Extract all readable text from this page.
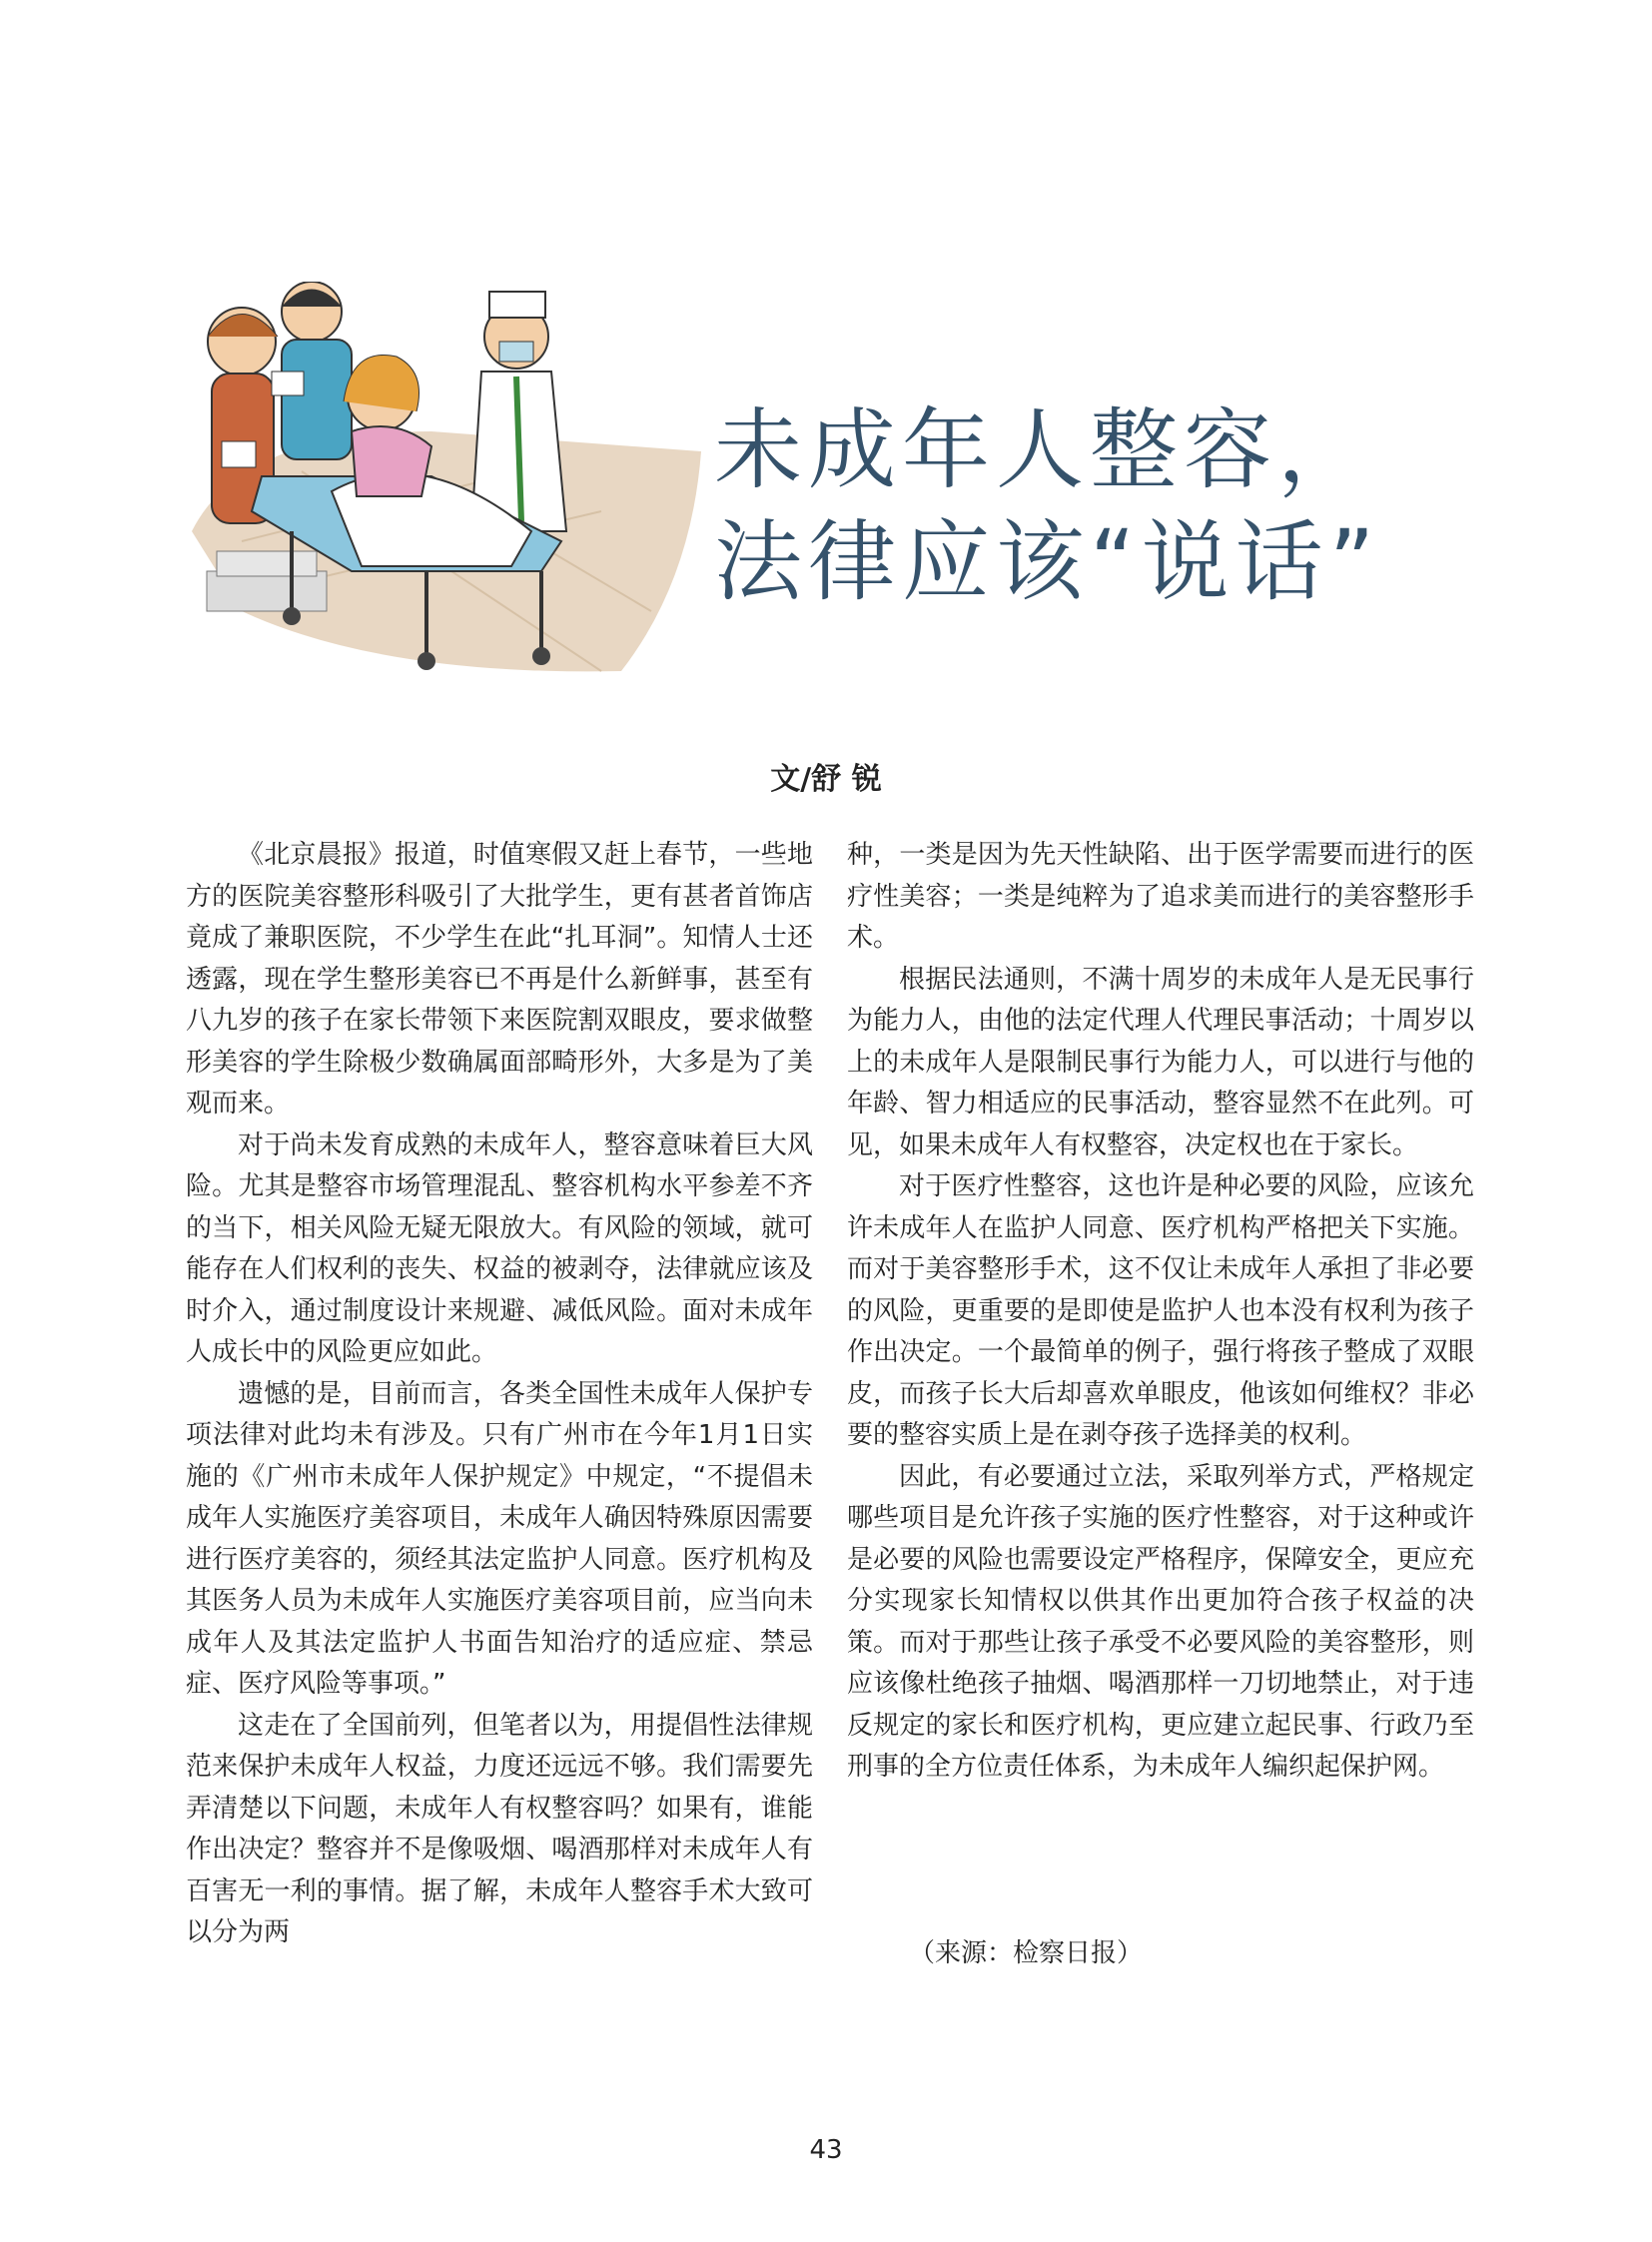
未成年人整容，
法律应该“说话”
文/舒 锐

《北京晨报》报道，时值寒假又赶上春节，一些地方的医院美容整形科吸引了大批学生，更有甚者首饰店竟成了兼职医院，不少学生在此“扎耳洞”。知情人士还透露，现在学生整形美容已不再是什么新鲜事，甚至有八九岁的孩子在家长带领下来医院割双眼皮，要求做整形美容的学生除极少数确属面部畸形外，大多是为了美观而来。

对于尚未发育成熟的未成年人，整容意味着巨大风险。尤其是整容市场管理混乱、整容机构水平参差不齐的当下，相关风险无疑无限放大。有风险的领域，就可能存在人们权利的丧失、权益的被剥夺，法律就应该及时介入，通过制度设计来规避、减低风险。面对未成年人成长中的风险更应如此。

遗憾的是，目前而言，各类全国性未成年人保护专项法律对此均未有涉及。只有广州市在今年1月1日实施的《广州市未成年人保护规定》中规定，“不提倡未成年人实施医疗美容项目，未成年人确因特殊原因需要进行医疗美容的，须经其法定监护人同意。医疗机构及其医务人员为未成年人实施医疗美容项目前，应当向未成年人及其法定监护人书面告知治疗的适应症、禁忌症、医疗风险等事项。”

这走在了全国前列，但笔者以为，用提倡性法律规范来保护未成年人权益，力度还远远不够。我们需要先弄清楚以下问题，未成年人有权整容吗？如果有，谁能作出决定？整容并不是像吸烟、喝酒那样对未成年人有百害无一利的事情。据了解，未成年人整容手术大致可以分为两

种，一类是因为先天性缺陷、出于医学需要而进行的医疗性美容；一类是纯粹为了追求美而进行的美容整形手术。

根据民法通则，不满十周岁的未成年人是无民事行为能力人，由他的法定代理人代理民事活动；十周岁以上的未成年人是限制民事行为能力人，可以进行与他的年龄、智力相适应的民事活动，整容显然不在此列。可见，如果未成年人有权整容，决定权也在于家长。

对于医疗性整容，这也许是种必要的风险，应该允许未成年人在监护人同意、医疗机构严格把关下实施。而对于美容整形手术，这不仅让未成年人承担了非必要的风险，更重要的是即使是监护人也本没有权利为孩子作出决定。一个最简单的例子，强行将孩子整成了双眼皮，而孩子长大后却喜欢单眼皮，他该如何维权？非必要的整容实质上是在剥夺孩子选择美的权利。

因此，有必要通过立法，采取列举方式，严格规定哪些项目是允许孩子实施的医疗性整容，对于这种或许是必要的风险也需要设定严格程序，保障安全，更应充分实现家长知情权以供其作出更加符合孩子权益的决策。而对于那些让孩子承受不必要风险的美容整形，则应该像杜绝孩子抽烟、喝酒那样一刀切地禁止，对于违反规定的家长和医疗机构，更应建立起民事、行政乃至刑事的全方位责任体系，为未成年人编织起保护网。

（来源：检察日报）
43
